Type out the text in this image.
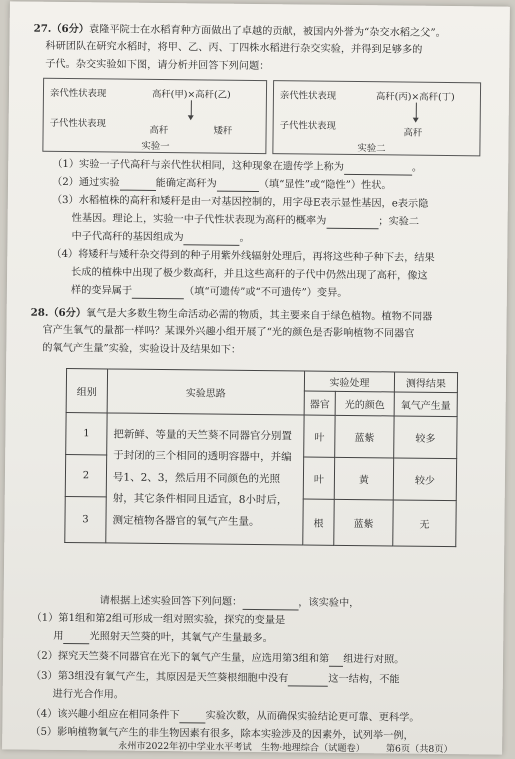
27.（6分）袁隆平院士在水稻育种方面做出了卓越的贡献，被国内外誉为“杂交水稻之父”。
科研团队在研究水稻时，将甲、乙、丙、丁四株水稻进行杂交实验，并得到足够多的
子代。杂交实验如下图，请分析并回答下列问题：
亲代性状表现	高秆(甲)×高秆(乙)
子代性状表现
高秆	矮秆
实验一
亲代性状表现	高秆(丙)×高秆(丁)
子代性状表现
高秆
实验二
（1）实验一子代高秆与亲代性状相同，这种现象在遗传学上称为	。
（2）通过实验	能确定高秆为	（填“显性”或“隐性”）性状。
（3）水稻植株的高秆和矮秆是由一对基因控制的，用字母E表示显性基因，e表示隐
性基因。理论上，实验一中子代性状表现为高秆的概率为	；实验二
中子代高秆的基因组成为	。
（4）将矮秆与矮秆杂交得到的种子用紫外线辐射处理后，再将这些种子种下去，结果
长成的植株中出现了极少数高秆，并且这些高秆的子代中仍然出现了高秆，像这
样的变异属于	（填“可遗传”或“不可遗传”）变异。
28.（6分）氧气是大多数生物生命活动必需的物质，其主要来自于绿色植物。植物不同器
官产生氧气的量都一样吗？某课外兴趣小组开展了“光的颜色是否影响植物不同器官
的氧气产生量”实验，实验设计及结果如下：
组别	实验思路	实验处理		测得结果
		器官	光的颜色	氧气产生量
1	把新鲜、等量的天竺葵不同器官分别置于封闭的三个相同的透明容器中，并编号1、2、3，然后用不同颜色的光照射，其它条件相同且适宜，8小时后，测定植物各器官的氧气产生量。	叶	蓝紫	较多
2		叶	黄	较少
3		根	蓝紫	无
请根据上述实验回答下列问题：	，该实验中，
（1）第1组和第2组可形成一组对照实验，探究的变量是
用	光照射天竺葵的叶，其氧气产生量最多。
（2）探究天竺葵不同器官在光下的氧气产生量，应选用第3组和第 组进行对照。
（3）第3组没有氧气产生，其原因是天竺葵根细胞中没有	这一结构，不能
进行光合作用。
（4）该兴趣小组应在相同条件下	实验次数，从而确保实验结论更可靠、更科学。
（5）影响植物氧气产生的非生物因素有很多，除本实验涉及的因素外，试列举一例，
永州市2022年初中学业水平考试　生物·地理综合（试题卷） 第6页（共8页）
